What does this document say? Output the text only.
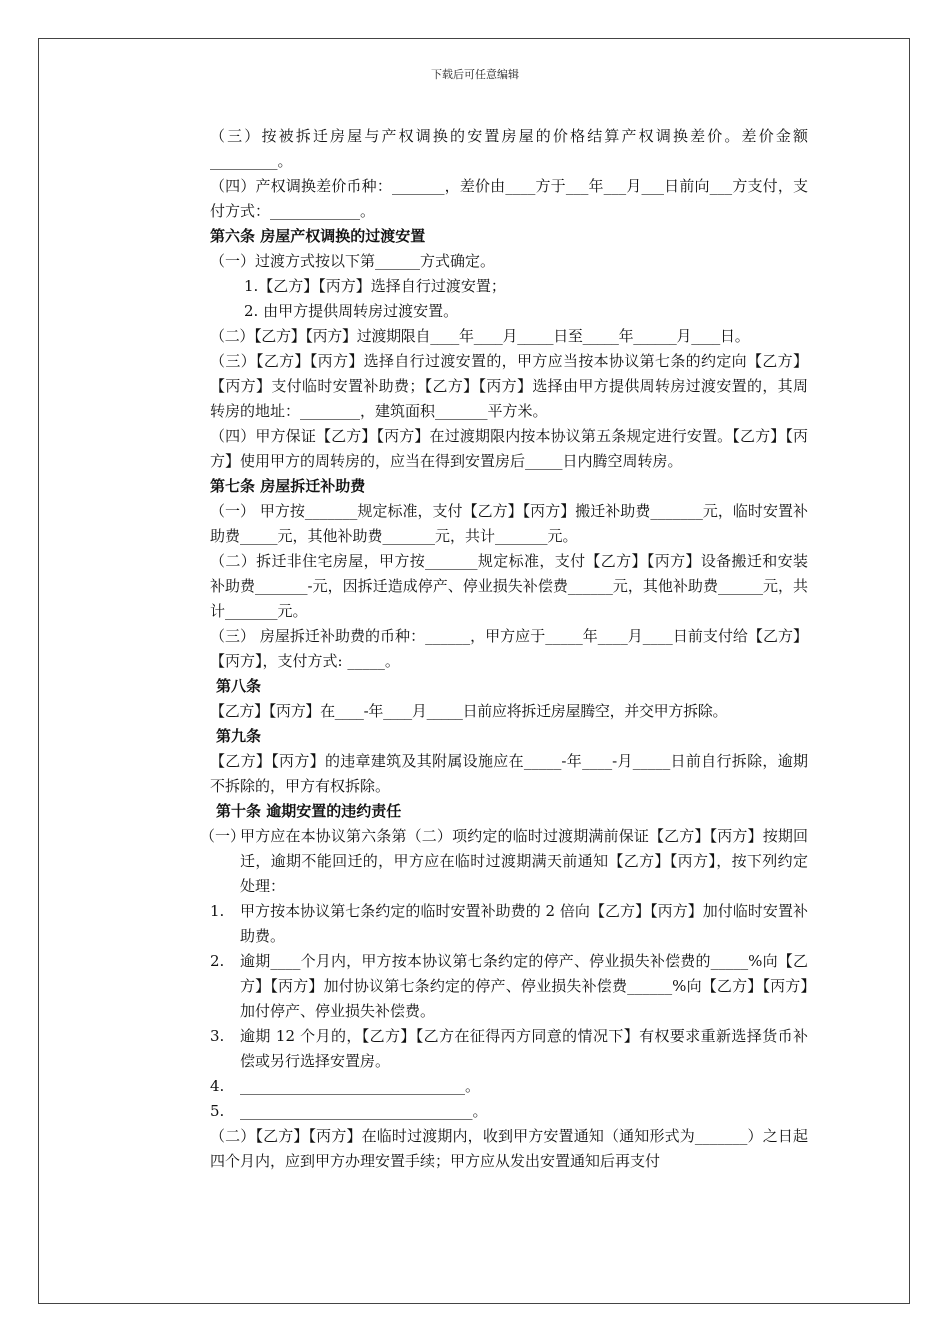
下载后可任意编辑

（三）按被拆迁房屋与产权调换的安置房屋的价格结算产权调换差价。差价金额_________。

（四）产权调换差价币种：_______，差价由____方于___年___月___日前向___方支付，支付方式：____________。

第六条 房屋产权调换的过渡安置

（一）过渡方式按以下第______方式确定。

1.【乙方】【丙方】选择自行过渡安置；

2. 由甲方提供周转房过渡安置。

（二）【乙方】【丙方】过渡期限自____年____月_____日至_____年______月____日。

（三）【乙方】【丙方】选择自行过渡安置的，甲方应当按本协议第七条的约定向【乙方】【丙方】支付临时安置补助费；【乙方】【丙方】选择由甲方提供周转房过渡安置的，其周转房的地址：________，建筑面积_______平方米。

（四）甲方保证【乙方】【丙方】在过渡期限内按本协议第五条规定进行安置。【乙方】【丙方】使用甲方的周转房的，应当在得到安置房后_____日内腾空周转房。

第七条 房屋拆迁补助费

（一） 甲方按_______规定标准，支付【乙方】【丙方】搬迁补助费_______元，临时安置补助费_____元，其他补助费_______元，共计_______元。

（二）拆迁非住宅房屋，甲方按_______规定标准，支付【乙方】【丙方】设备搬迁和安装补助费_______-元，因拆迁造成停产、停业损失补偿费______元，其他补助费______元，共计_______元。

（三） 房屋拆迁补助费的币种：______，甲方应于_____年____月____日前支付给【乙方】【丙方】，支付方式: _____。

第八条

【乙方】【丙方】在____-年____月_____日前应将拆迁房屋腾空，并交甲方拆除。

第九条

【乙方】【丙方】的违章建筑及其附属设施应在_____-年____-月_____日前自行拆除，逾期不拆除的，甲方有权拆除。

第十条 逾期安置的违约责任

（一）
甲方应在本协议第六条第（二）项约定的临时过渡期满前保证【乙方】【丙方】按期回迁，逾期不能回迁的，甲方应在临时过渡期满天前通知【乙方】【丙方】，按下列约定处理：
1. 甲方按本协议第七条约定的临时安置补助费的 2 倍向【乙方】【丙方】加付临时安置补助费。
2. 逾期____个月内，甲方按本协议第七条约定的停产、停业损失补偿费的_____%向【乙方】【丙方】加付协议第七条约定的停产、停业损失补偿费______%向【乙方】【丙方】加付停产、停业损失补偿费。
3. 逾期 12 个月的，【乙方】【乙方在征得丙方同意的情况下】有权要求重新选择货币补偿或另行选择安置房。
4. ______________________________。
5. _______________________________。

（二）【乙方】【丙方】在临时过渡期内，收到甲方安置通知（通知形式为_______）之日起四个月内，应到甲方办理安置手续；甲方应从发出安置通知后再支付
